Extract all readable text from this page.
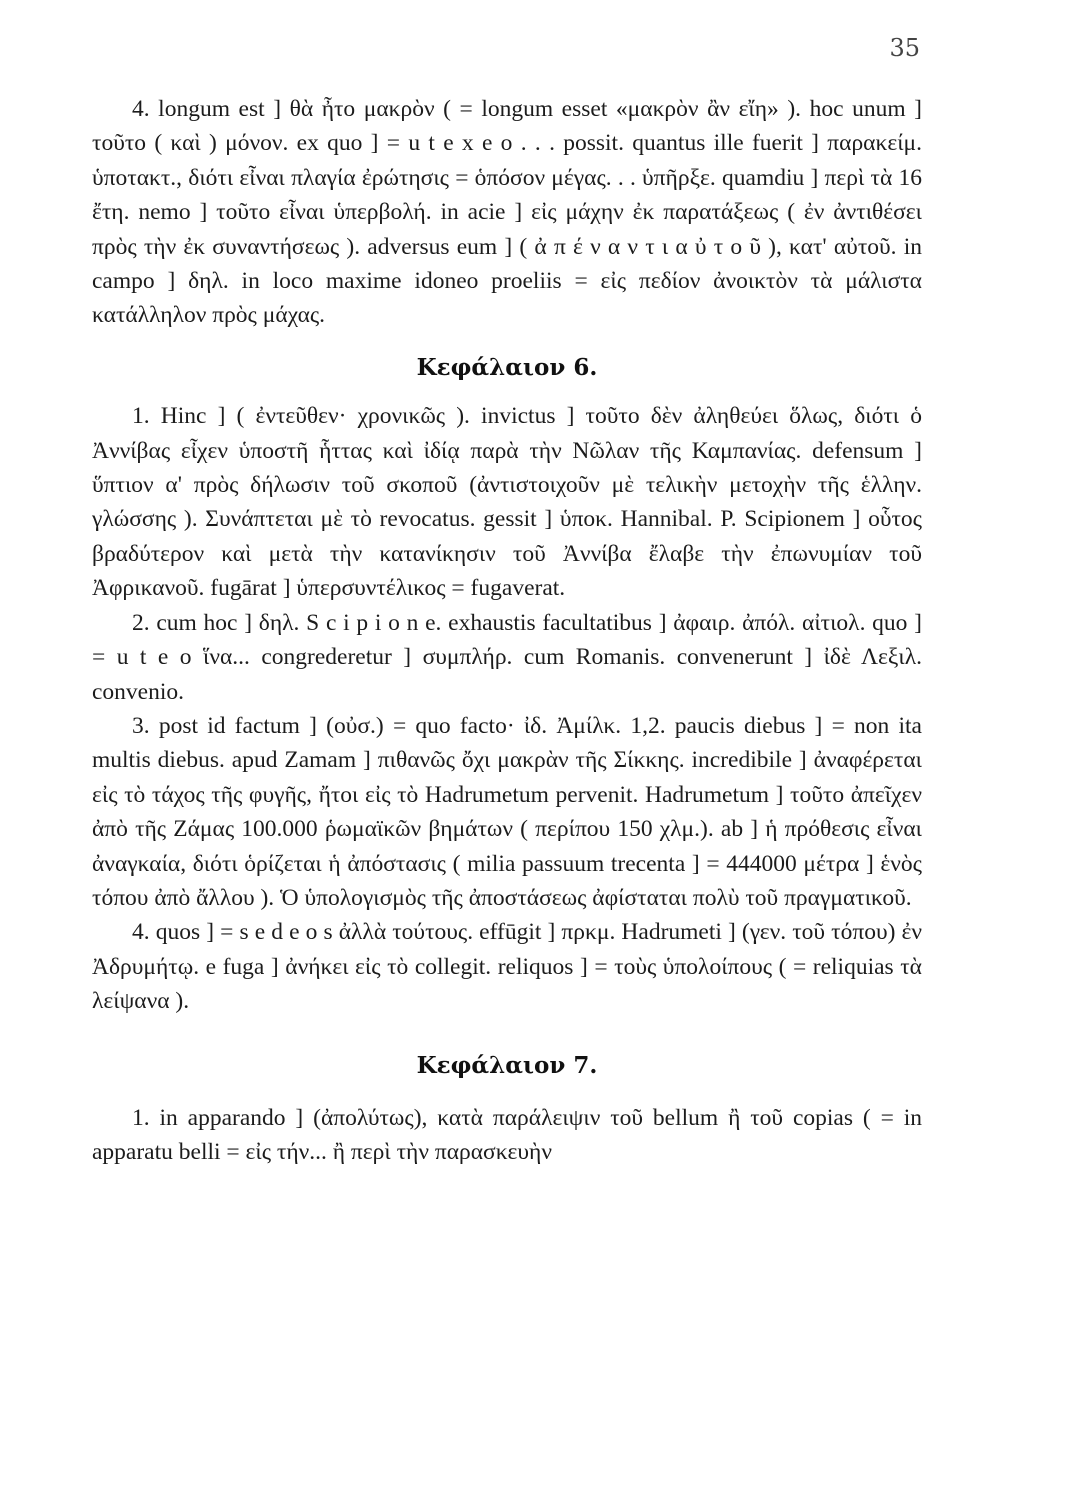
35

4. longum est ] θὰ ἦτο μακρὸν ( = longum esset «μακρὸν ἂν εἴη» ). hoc unum ] τοῦτο ( καὶ ) μόνον. ex quo ] = u t e x e o . . . possit. quantus ille fuerit ] παρακείμ. ὑποτακτ., διότι εἶναι πλαγία ἐρώτησις = ὁπόσον μέγας. . . ὑπῆρξε. quamdiu ] περὶ τὰ 16 ἔτη. nemo ] τοῦτο εἶναι ὑπερβολή. in acie ] εἰς μάχην ἐκ παρατάξεως ( ἐν ἀντιθέσει πρὸς τὴν ἐκ συναντήσεως ). adversus eum ] ( ἀ π έ ν α ν τ ι α ὐ τ ο ῦ ), κατ' αὐτοῦ. in campo ] δηλ. in loco maxime idoneo proeliis = εἰς πεδίον ἀνοικτὸν τὰ μάλιστα κατάλληλον πρὸς μάχας.

Κεφάλαιον 6.

1. Hinc ] ( ἐντεῦθεν· χρονικῶς ). invictus ] τοῦτο δὲν ἀληθεύει ὅλως, διότι ὁ Ἀννίβας εἶχεν ὑποστῆ ἧττας καὶ ἰδίᾳ παρὰ τὴν Νῶλαν τῆς Καμπανίας. defensum ] ὕπτιον α' πρὸς δήλωσιν τοῦ σκοποῦ (ἀντιστοιχοῦν μὲ τελικὴν μετοχὴν τῆς ἑλλην. γλώσσης ). Συνάπτεται μὲ τὸ revocatus. gessit ] ὑποκ. Hannibal. P. Scipionem ] οὗτος βραδύτερον καὶ μετὰ τὴν κατανίκησιν τοῦ Ἀννίβα ἔλαβε τὴν ἐπωνυμίαν τοῦ Ἀφρικανοῦ. fugārat ] ὑπερσυντέλικος = fugaverat.

2. cum hoc ] δηλ. S c i p i o n e. exhaustis facultatibus ] ἀφαιρ. ἀπόλ. αἰτιολ. quo ] = u t e o ἵνα... congrederetur ] συμπλήρ. cum Romanis. convenerunt ] ἰδὲ Λεξιλ. convenio.

3. post id factum ] (οὐσ.) = quo facto· ἰδ. Ἀμίλκ. 1,2. paucis diebus ] = non ita multis diebus. apud Zamam ] πιθανῶς ὄχι μακρὰν τῆς Σίκκης. incredibile ] ἀναφέρεται εἰς τὸ τάχος τῆς φυγῆς, ἤτοι εἰς τὸ Hadrumetum pervenit. Hadrumetum ] τοῦτο ἀπεῖχεν ἀπὸ τῆς Ζάμας 100.000 ῥωμαϊκῶν βημάτων ( περίπου 150 χλμ.). ab ] ἡ πρόθεσις εἶναι ἀναγκαία, διότι ὁρίζεται ἡ ἀπόστασις ( milia passuum trecenta ] = 444000 μέτρα ] ἑνὸς τόπου ἀπὸ ἄλλου ). Ὁ ὑπολογισμὸς τῆς ἀποστάσεως ἀφίσταται πολὺ τοῦ πραγματικοῦ.

4. quos ] = s e d e o s ἀλλὰ τούτους. effūgit ] πρκμ. Hadrumeti ] (γεν. τοῦ τόπου) ἐν Ἀδρυμήτῳ. e fuga ] ἀνήκει εἰς τὸ collegit. reliquos ] = τοὺς ὑπολοίπους ( = reliquias τὰ λείψανα ).

Κεφάλαιον 7.

1. in apparando ] (ἀπολύτως), κατὰ παράλειψιν τοῦ bellum ἢ τοῦ copias ( = in apparatu belli = εἰς τήν... ἢ περὶ τὴν παρασκευὴν
